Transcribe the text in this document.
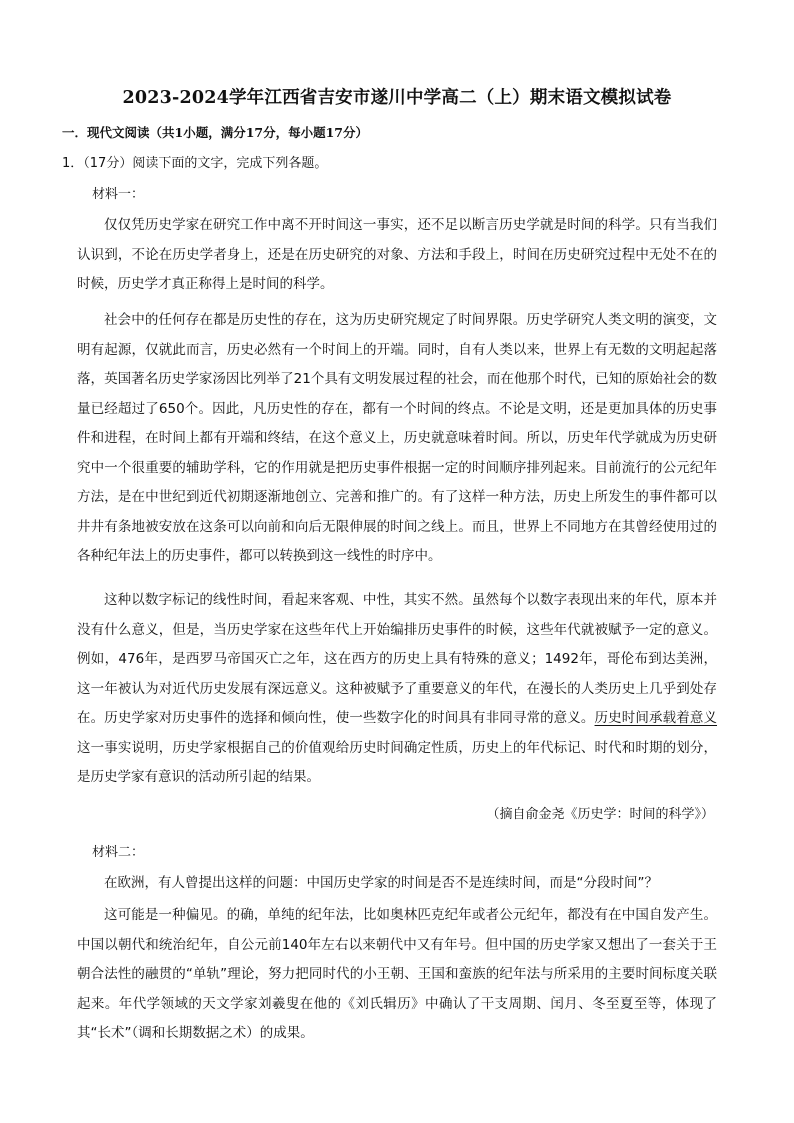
2023-2024学年江西省吉安市遂川中学高二（上）期末语文模拟试卷
一．现代文阅读（共1小题，满分17分，每小题17分）
1．（17分）阅读下面的文字，完成下列各题。
材料一：

仅仅凭历史学家在研究工作中离不开时间这一事实，还不足以断言历史学就是时间的科学。只有当我们认识到，不论在历史学者身上，还是在历史研究的对象、方法和手段上，时间在历史研究过程中无处不在的时候，历史学才真正称得上是时间的科学。

社会中的任何存在都是历史性的存在，这为历史研究规定了时间界限。历史学研究人类文明的演变，文明有起源，仅就此而言，历史必然有一个时间上的开端。同时，自有人类以来，世界上有无数的文明起起落落，英国著名历史学家汤因比列举了21个具有文明发展过程的社会，而在他那个时代，已知的原始社会的数量已经超过了650个。因此，凡历史性的存在，都有一个时间的终点。不论是文明，还是更加具体的历史事件和进程，在时间上都有开端和终结，在这个意义上，历史就意味着时间。所以，历史年代学就成为历史研究中一个很重要的辅助学科，它的作用就是把历史事件根据一定的时间顺序排列起来。目前流行的公元纪年方法，是在中世纪到近代初期逐渐地创立、完善和推广的。有了这样一种方法，历史上所发生的事件都可以井井有条地被安放在这条可以向前和向后无限伸展的时间之线上。而且，世界上不同地方在其曾经使用过的各种纪年法上的历史事件，都可以转换到这一线性的时序中。

这种以数字标记的线性时间，看起来客观、中性，其实不然。虽然每个以数字表现出来的年代，原本并没有什么意义，但是，当历史学家在这些年代上开始编排历史事件的时候，这些年代就被赋予一定的意义。例如，476年，是西罗马帝国灭亡之年，这在西方的历史上具有特殊的意义；1492年，哥伦布到达美洲，这一年被认为对近代历史发展有深远意义。这种被赋予了重要意义的年代，在漫长的人类历史上几乎到处存在。历史学家对历史事件的选择和倾向性，使一些数字化的时间具有非同寻常的意义。历史时间承载着意义这一事实说明，历史学家根据自己的价值观给历史时间确定性质，历史上的年代标记、时代和时期的划分，是历史学家有意识的活动所引起的结果。

（摘自俞金尧《历史学：时间的科学》）
材料二：

在欧洲，有人曾提出这样的问题：中国历史学家的时间是否不是连续时间，而是“分段时间”？

这可能是一种偏见。的确，单纯的纪年法，比如奥林匹克纪年或者公元纪年，都没有在中国自发产生。中国以朝代和统治纪年，自公元前140年左右以来朝代中又有年号。但中国的历史学家又想出了一套关于王朝合法性的融贯的“单轨”理论，努力把同时代的小王朝、王国和蛮族的纪年法与所采用的主要时间标度关联起来。年代学领域的天文学家刘羲叟在他的《刘氏辑历》中确认了干支周期、闰月、冬至夏至等，体现了其“长术”（调和长期数据之术）的成果。
